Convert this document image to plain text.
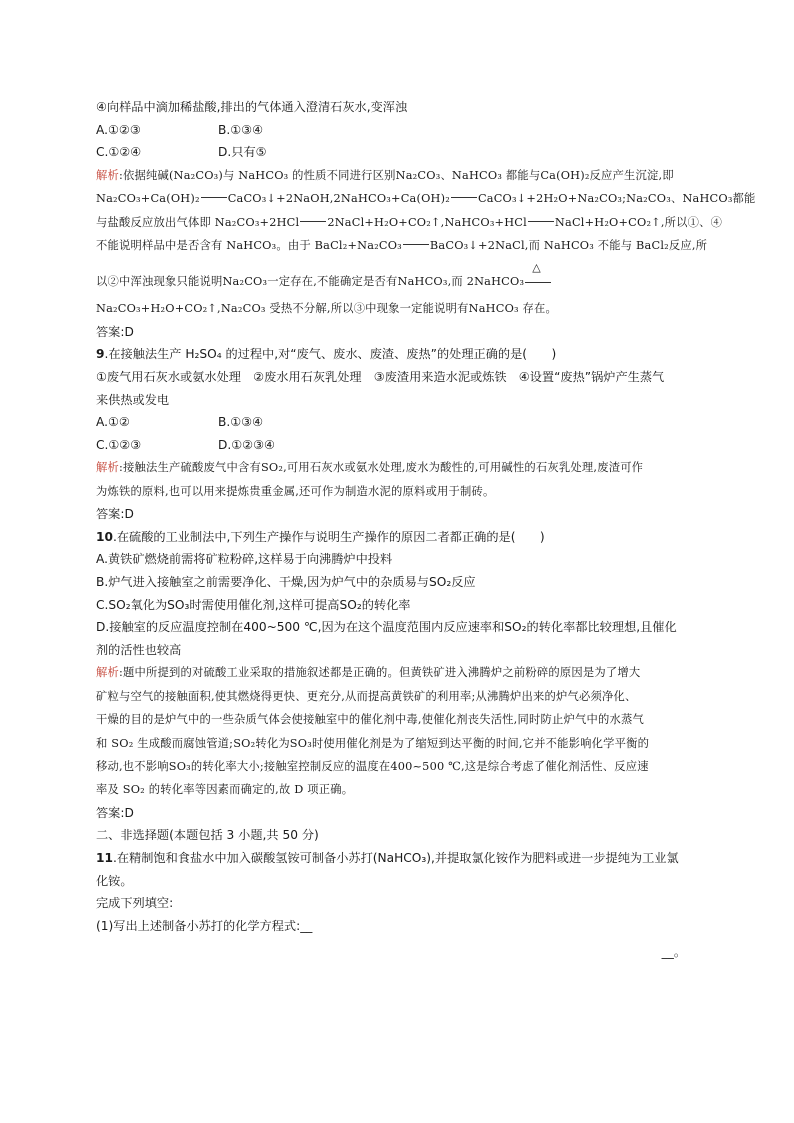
④向样品中滴加稀盐酸,排出的气体通入澄清石灰水,变浑浊
A.①②③	B.①③④
C.①②④	D.只有⑤
解析:依据纯碱(Na₂CO₃)与 NaHCO₃ 的性质不同进行区别Na₂CO₃、NaHCO₃ 都能与Ca(OH)₂反应产生沉淀,即
Na₂CO₃+Ca(OH)₂ CaCO₃↓+2NaOH,2NaHCO₃+Ca(OH)₂ CaCO₃↓+2H₂O+Na₂CO₃;Na₂CO₃、NaHCO₃都能
与盐酸反应放出气体即 Na₂CO₃+2HCl 2NaCl+H₂O+CO₂↑,NaHCO₃+HCl NaCl+H₂O+CO₂↑,所以①、④
不能说明样品中是否含有 NaHCO₃。由于 BaCl₂+Na₂CO₃ BaCO₃↓+2NaCl,而 NaHCO₃ 不能与 BaCl₂反应,所
以②中浑浊现象只能说明Na₂CO₃一定存在,不能确定是否有NaHCO₃,而 2NaHCO₃
△
Na₂CO₃+H₂O+CO₂↑,Na₂CO₃ 受热不分解,所以③中现象一定能说明有NaHCO₃ 存在。
答案:D
9.在接触法生产 H₂SO₄ 的过程中,对“废气、废水、废渣、废热”的处理正确的是(　　)
①废气用石灰水或氨水处理　②废水用石灰乳处理　③废渣用来造水泥或炼铁　④设置“废热”锅炉产生蒸气
来供热或发电
A.①②	B.①③④
C.①②③	D.①②③④
解析:接触法生产硫酸废气中含有SO₂,可用石灰水或氨水处理,废水为酸性的,可用碱性的石灰乳处理,废渣可作
为炼铁的原料,也可以用来提炼贵重金属,还可作为制造水泥的原料或用于制砖。
答案:D
10.在硫酸的工业制法中,下列生产操作与说明生产操作的原因二者都正确的是(　　)
A.黄铁矿燃烧前需将矿粒粉碎,这样易于向沸腾炉中投料
B.炉气进入接触室之前需要净化、干燥,因为炉气中的杂质易与SO₂反应
C.SO₂氧化为SO₃时需使用催化剂,这样可提高SO₂的转化率
D.接触室的反应温度控制在400~500 ℃,因为在这个温度范围内反应速率和SO₂的转化率都比较理想,且催化
剂的活性也较高
解析:题中所提到的对硫酸工业采取的措施叙述都是正确的。但黄铁矿进入沸腾炉之前粉碎的原因是为了增大
矿粒与空气的接触面积,使其燃烧得更快、更充分,从而提高黄铁矿的利用率;从沸腾炉出来的炉气必须净化、
干燥的目的是炉气中的一些杂质气体会使接触室中的催化剂中毒,使催化剂丧失活性,同时防止炉气中的水蒸气
和 SO₂ 生成酸而腐蚀管道;SO₂转化为SO₃时使用催化剂是为了缩短到达平衡的时间,它并不能影响化学平衡的
移动,也不影响SO₃的转化率大小;接触室控制反应的温度在400~500 ℃,这是综合考虑了催化剂活性、反应速
率及 SO₂ 的转化率等因素而确定的,故 D 项正确。
答案:D
二、非选择题(本题包括 3 小题,共 50 分)
11.在精制饱和食盐水中加入碳酸氢铵可制备小苏打(NaHCO₃),并提取氯化铵作为肥料或进一步提纯为工业氯
化铵。
完成下列填空:
(1)写出上述制备小苏打的化学方程式:__
__。
